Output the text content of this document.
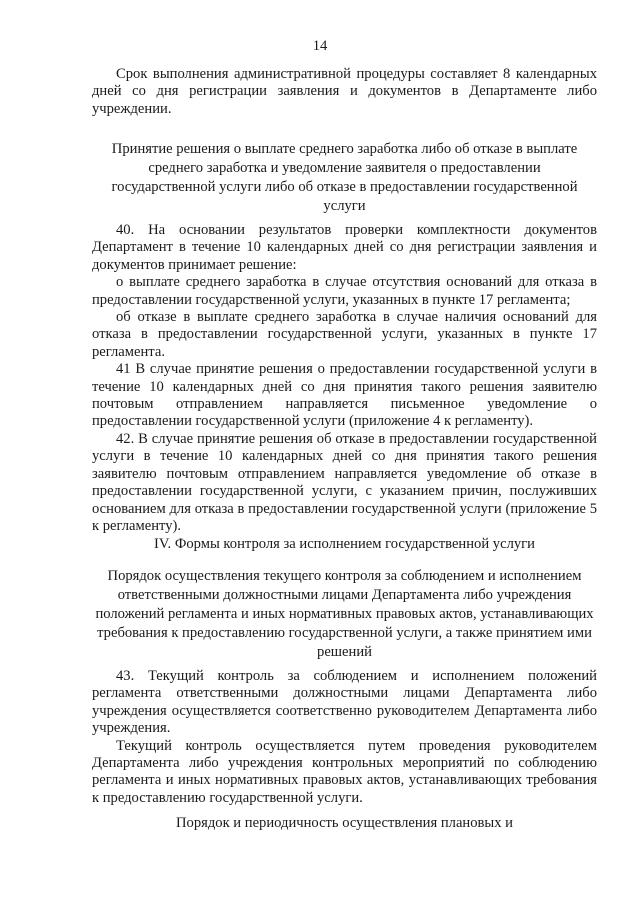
14

Срок выполнения административной процедуры составляет 8 календарных дней со дня регистрации заявления и документов в Департаменте либо учреждении.

Принятие решения о выплате среднего заработка либо об отказе в выплате

среднего заработка и уведомление заявителя о предоставлении

государственной услуги либо об отказе в предоставлении государственной

услуги

40. На основании результатов проверки комплектности документов Департамент в течение 10 календарных дней со дня регистрации заявления и документов принимает решение:

о выплате среднего заработка в случае отсутствия оснований для отказа в предоставлении государственной услуги, указанных в пункте 17 регламента;

об отказе в выплате среднего заработка в случае наличия оснований для отказа в предоставлении государственной услуги, указанных в пункте 17 регламента.

41 В случае принятие решения о предоставлении государственной услуги в течение 10 календарных дней со дня принятия такого решения заявителю почтовым отправлением направляется письменное уведомление о предоставлении государственной услуги (приложение 4 к регламенту).

42. В случае принятие решения об отказе в предоставлении государственной услуги в течение 10 календарных дней со дня принятия такого решения заявителю почтовым отправлением направляется уведомление об отказе в предоставлении государственной услуги, с указанием причин, послуживших основанием для отказа в предоставлении государственной услуги (приложение 5 к регламенту).

IV. Формы контроля за исполнением государственной услуги

Порядок осуществления текущего контроля за соблюдением и исполнением

ответственными должностными лицами Департамента либо учреждения

положений регламента и иных нормативных правовых актов, устанавливающих

требования к предоставлению государственной услуги, а также принятием ими

решений

43. Текущий контроль за соблюдением и исполнением положений регламента ответственными должностными лицами Департамента либо учреждения осуществляется соответственно руководителем Департамента либо учреждения.

Текущий контроль осуществляется путем проведения руководителем Департамента либо учреждения контрольных мероприятий по соблюдению регламента и иных нормативных правовых актов, устанавливающих требования к предоставлению государственной услуги.

Порядок и периодичность осуществления плановых и
